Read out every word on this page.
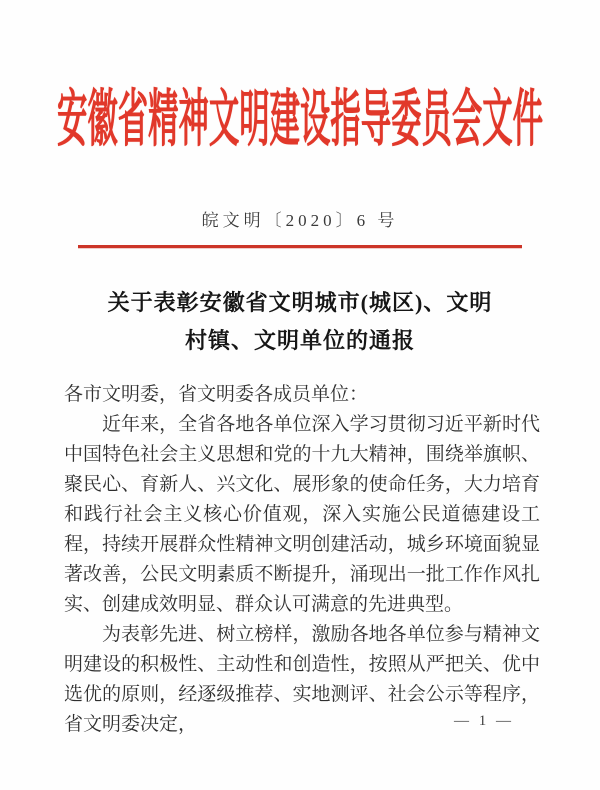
安徽省精神文明建设指导委员会文件
皖文明〔2020〕6 号
关于表彰安徽省文明城市(城区)、文明
村镇、文明单位的通报

各市文明委，省文明委各成员单位：

近年来，全省各地各单位深入学习贯彻习近平新时代中国特色社会主义思想和党的十九大精神，围绕举旗帜、聚民心、育新人、兴文化、展形象的使命任务，大力培育和践行社会主义核心价值观，深入实施公民道德建设工程，持续开展群众性精神文明创建活动，城乡环境面貌显著改善，公民文明素质不断提升，涌现出一批工作作风扎实、创建成效明显、群众认可满意的先进典型。

为表彰先进、树立榜样，激励各地各单位参与精神文明建设的积极性、主动性和创造性，按照从严把关、优中选优的原则，经逐级推荐、实地测评、社会公示等程序，省文明委决定，	— 1 —
